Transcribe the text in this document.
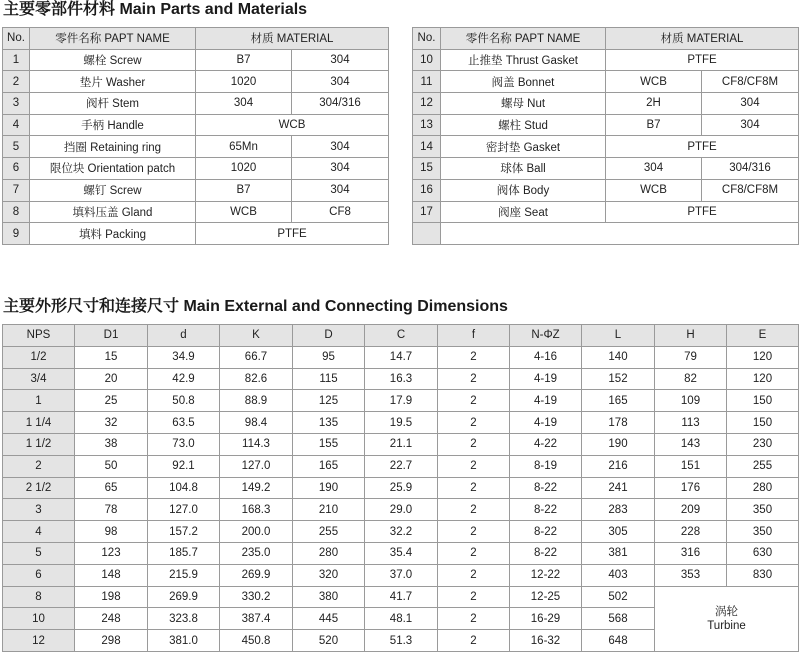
主要零部件材料 Main Parts and Materials
No.	零件名称 PAPT NAME	材质 MATERIAL	
1	螺栓 Screw	B7	304
2	垫片 Washer	1020	304
3	阀杆 Stem	304	304/316
4	手柄 Handle	WCB	
5	挡圈 Retaining ring	65Mn	304
6	限位块 Orientation patch	1020	304
7	螺钉 Screw	B7	304
8	填料压盖 Gland	WCB	CF8
9	填料 Packing	PTFE	
No.	零件名称 PAPT NAME	材质 MATERIAL	
10	止推垫 Thrust Gasket	PTFE	
11	阀盖 Bonnet	WCB	CF8/CF8M
12	螺母 Nut	2H	304
13	螺柱 Stud	B7	304
14	密封垫 Gasket	PTFE	
15	球体 Ball	304	304/316
16	阀体 Body	WCB	CF8/CF8M
17	阀座 Seat	PTFE	

主要外形尺寸和连接尺寸 Main External and Connecting Dimensions
NPS	D1	d	K	D	C	f	N-ΦZ	L	H	E
1/2	15	34.9	66.7	95	14.7	2	4-16	140	79	120
3/4	20	42.9	82.6	115	16.3	2	4-19	152	82	120
1	25	50.8	88.9	125	17.9	2	4-19	165	109	150
1 1/4	32	63.5	98.4	135	19.5	2	4-19	178	113	150
1 1/2	38	73.0	114.3	155	21.1	2	4-22	190	143	230
2	50	92.1	127.0	165	22.7	2	8-19	216	151	255
2 1/2	65	104.8	149.2	190	25.9	2	8-22	241	176	280
3	78	127.0	168.3	210	29.0	2	8-22	283	209	350
4	98	157.2	200.0	255	32.2	2	8-22	305	228	350
5	123	185.7	235.0	280	35.4	2	8-22	381	316	630
6	148	215.9	269.9	320	37.0	2	12-22	403	353	830
8	198	269.9	330.2	380	41.7	2	12-25	502	涡轮
Turbine	

10	248	323.8	387.4	445	48.1	2	16-29	568		
12	298	381.0	450.8	520	51.3	2	16-32	648		
